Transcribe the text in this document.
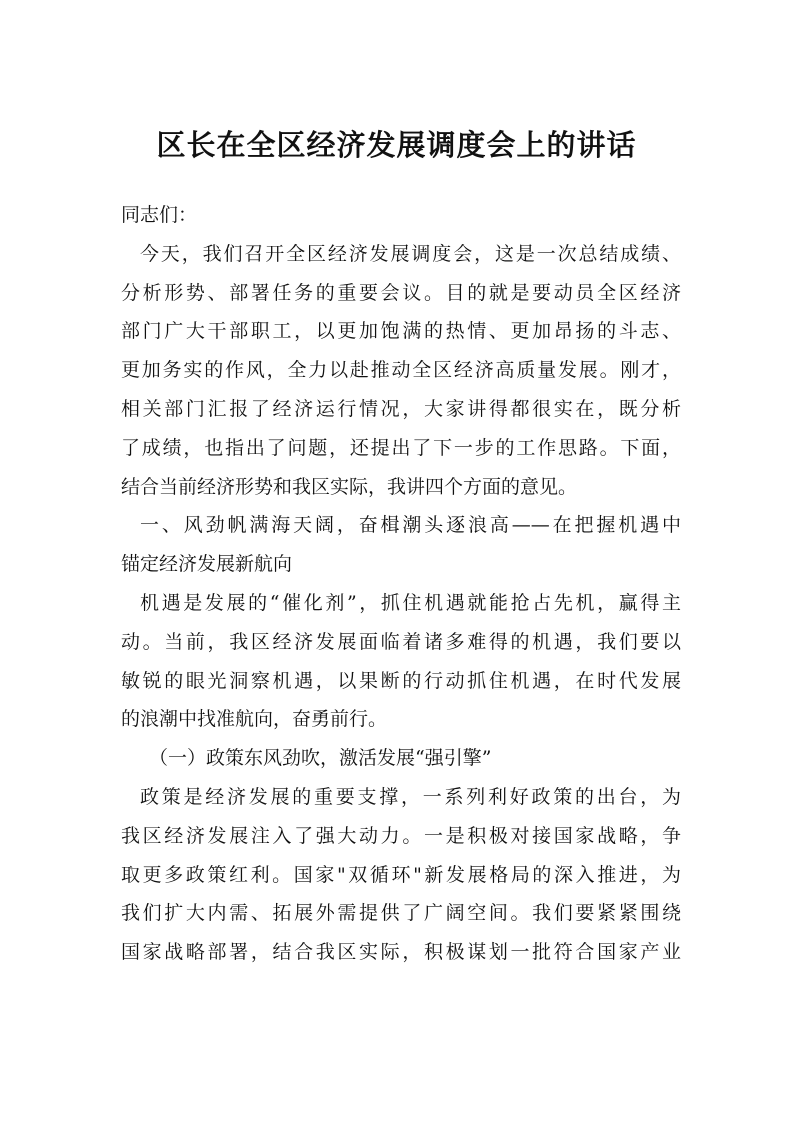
区长在全区经济发展调度会上的讲话
同志们：
今天，我们召开全区经济发展调度会，这是一次总结成绩、
分析形势、部署任务的重要会议。目的就是要动员全区经济
部门广大干部职工，以更加饱满的热情、更加昂扬的斗志、
更加务实的作风，全力以赴推动全区经济高质量发展。刚才，
相关部门汇报了经济运行情况，大家讲得都很实在，既分析
了成绩，也指出了问题，还提出了下一步的工作思路。下面，
结合当前经济形势和我区实际，我讲四个方面的意见。
一、风劲帆满海天阔，奋楫潮头逐浪高——在把握机遇中
锚定经济发展新航向
机遇是发展的“催化剂”，抓住机遇就能抢占先机，赢得主
动。当前，我区经济发展面临着诸多难得的机遇，我们要以
敏锐的眼光洞察机遇，以果断的行动抓住机遇，在时代发展
的浪潮中找准航向，奋勇前行。
（一）政策东风劲吹，激活发展“强引擎”
政策是经济发展的重要支撑，一系列利好政策的出台，为
我区经济发展注入了强大动力。一是积极对接国家战略，争
取更多政策红利。国家"双循环"新发展格局的深入推进，为
我们扩大内需、拓展外需提供了广阔空间。我们要紧紧围绕
国家战略部署，结合我区实际，积极谋划一批符合国家产业
